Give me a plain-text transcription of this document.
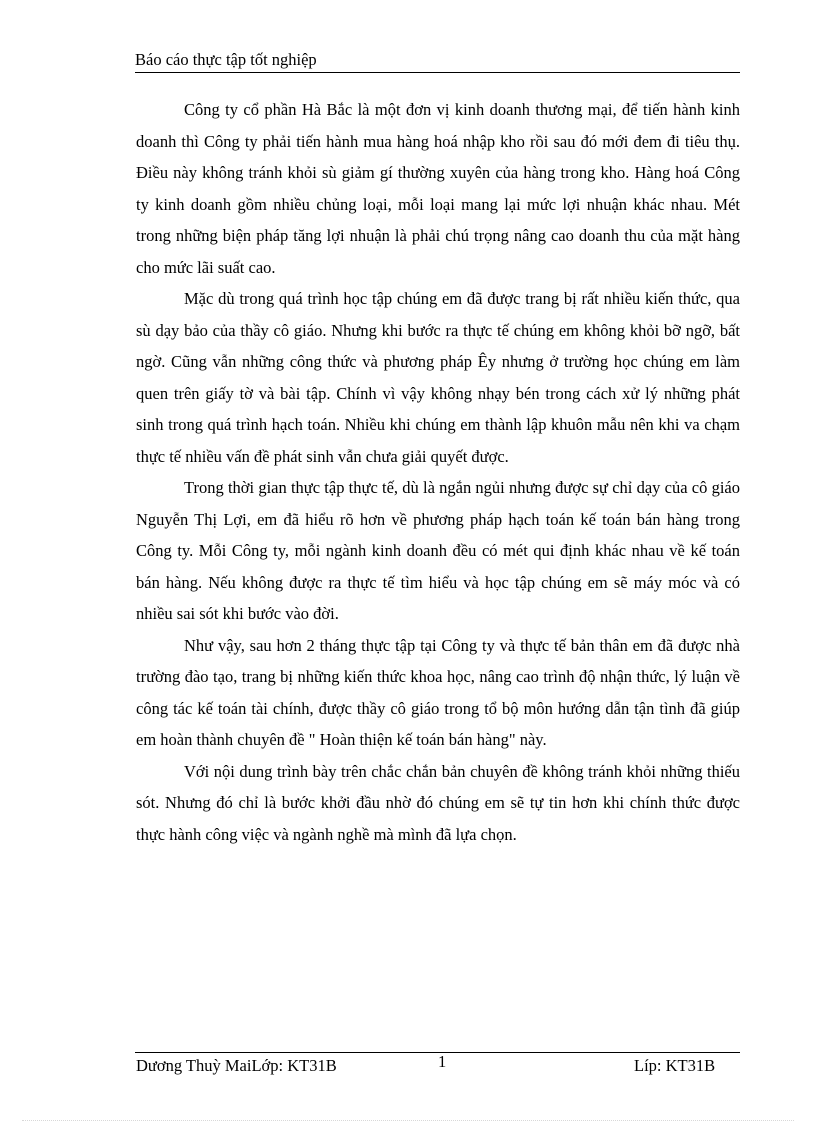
Báo cáo thực tập tốt nghiệp

Công ty cổ phần Hà Bắc là một đơn vị kinh doanh thương mại, để tiến hành kinh doanh thì Công ty phải tiến hành mua hàng hoá nhập kho rồi sau đó mới đem đi tiêu thụ. Điều này không tránh khỏi sù giảm gí thường xuyên của hàng trong kho. Hàng hoá Công ty kinh doanh gồm nhiều chủng loại, mỗi loại mang lại mức lợi nhuận khác nhau. Mét trong những biện pháp tăng lợi nhuận là phải chú trọng nâng cao doanh thu của mặt hàng cho mức lãi suất cao.

Mặc dù trong quá trình học tập chúng em đã được trang bị rất nhiều kiến thức, qua sù dạy bảo của thầy cô giáo. Nhưng khi bước ra thực tế chúng em không khỏi bỡ ngỡ, bất ngờ. Cũng vẫn những công thức và phương pháp Êy nhưng ở trường học chúng em làm quen trên giấy tờ và bài tập. Chính vì vậy không nhạy bén trong cách xử lý những phát sinh trong quá trình hạch toán. Nhiều khi chúng em thành lập khuôn mẫu nên khi va chạm thực tế nhiều vấn đề phát sinh vẫn chưa giải quyết được.

Trong thời gian thực tập thực tế, dù là ngắn ngủi nhưng được sự chỉ dạy của cô giáo Nguyễn Thị Lợi, em đã hiểu rõ hơn về phương pháp hạch toán kế toán bán hàng trong Công ty. Mỗi Công ty, mỗi ngành kinh doanh đều có mét qui định khác nhau về kế toán bán hàng. Nếu không được ra thực tế tìm hiểu và học tập chúng em sẽ máy móc và có nhiều sai sót khi bước vào đời.

Như vậy, sau hơn 2 tháng thực tập tại Công ty và thực tế bản thân em đã được nhà trường đào tạo, trang bị những kiến thức khoa học, nâng cao trình độ nhận thức, lý luận về công tác kế toán tài chính, được thầy cô giáo trong tổ bộ môn hướng dẫn tận tình đã giúp em hoàn thành chuyên đề " Hoàn thiện kế toán bán hàng" này.

Với nội dung trình bày trên chắc chắn bản chuyên đề không tránh khỏi những thiếu sót. Nhưng đó chỉ là bước khởi đầu nhờ đó chúng em sẽ tự tin hơn khi chính thức được thực hành công việc và ngành nghề mà mình đã lựa chọn.

Dương Thuỳ MaiLớp: KT31B	1	Líp: KT31B
